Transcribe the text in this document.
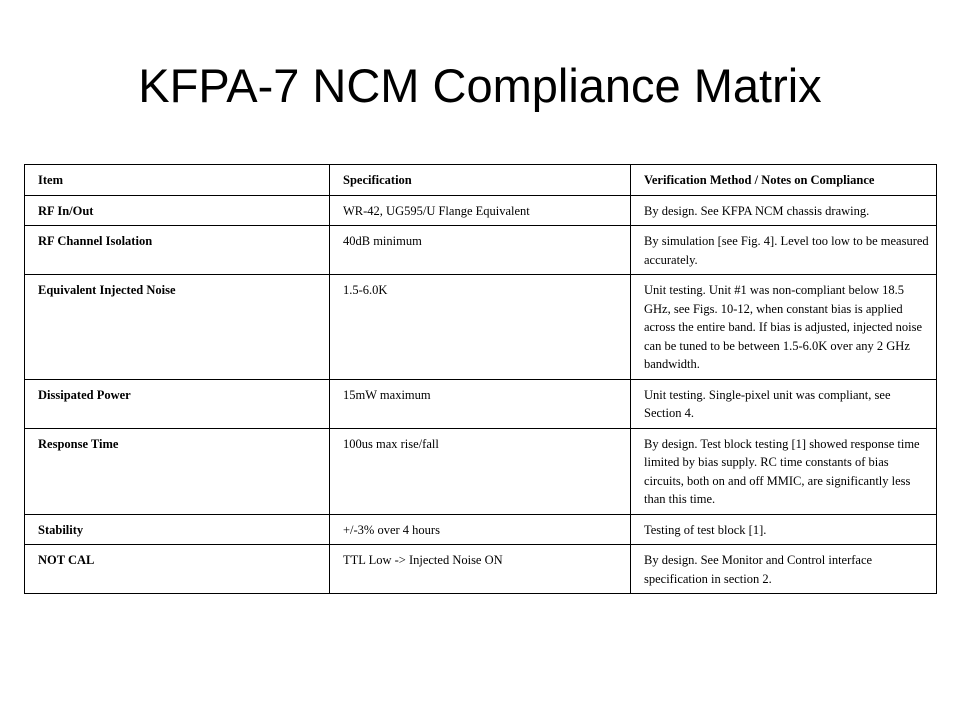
KFPA-7 NCM Compliance Matrix
Item	Specification	Verification Method / Notes on Compliance
RF In/Out	WR-42, UG595/U Flange Equivalent	By design. See KFPA NCM chassis drawing.
RF Channel Isolation	40dB minimum	By simulation [see Fig. 4]. Level too low to be measured accurately.
Equivalent Injected Noise	1.5-6.0K	Unit testing. Unit #1 was non-compliant below 18.5 GHz, see Figs. 10-12, when constant bias is applied across the entire band. If bias is adjusted, injected noise can be tuned to be between 1.5-6.0K over any 2 GHz bandwidth.
Dissipated Power	15mW maximum	Unit testing. Single-pixel unit was compliant, see Section 4.
Response Time	100us max rise/fall	By design. Test block testing [1] showed response time limited by bias supply. RC time constants of bias circuits, both on and off MMIC, are significantly less than this time.
Stability	+/-3% over 4 hours	Testing of test block [1].
NOT CAL	TTL Low -> Injected Noise ON	By design. See Monitor and Control interface specification in section 2.
